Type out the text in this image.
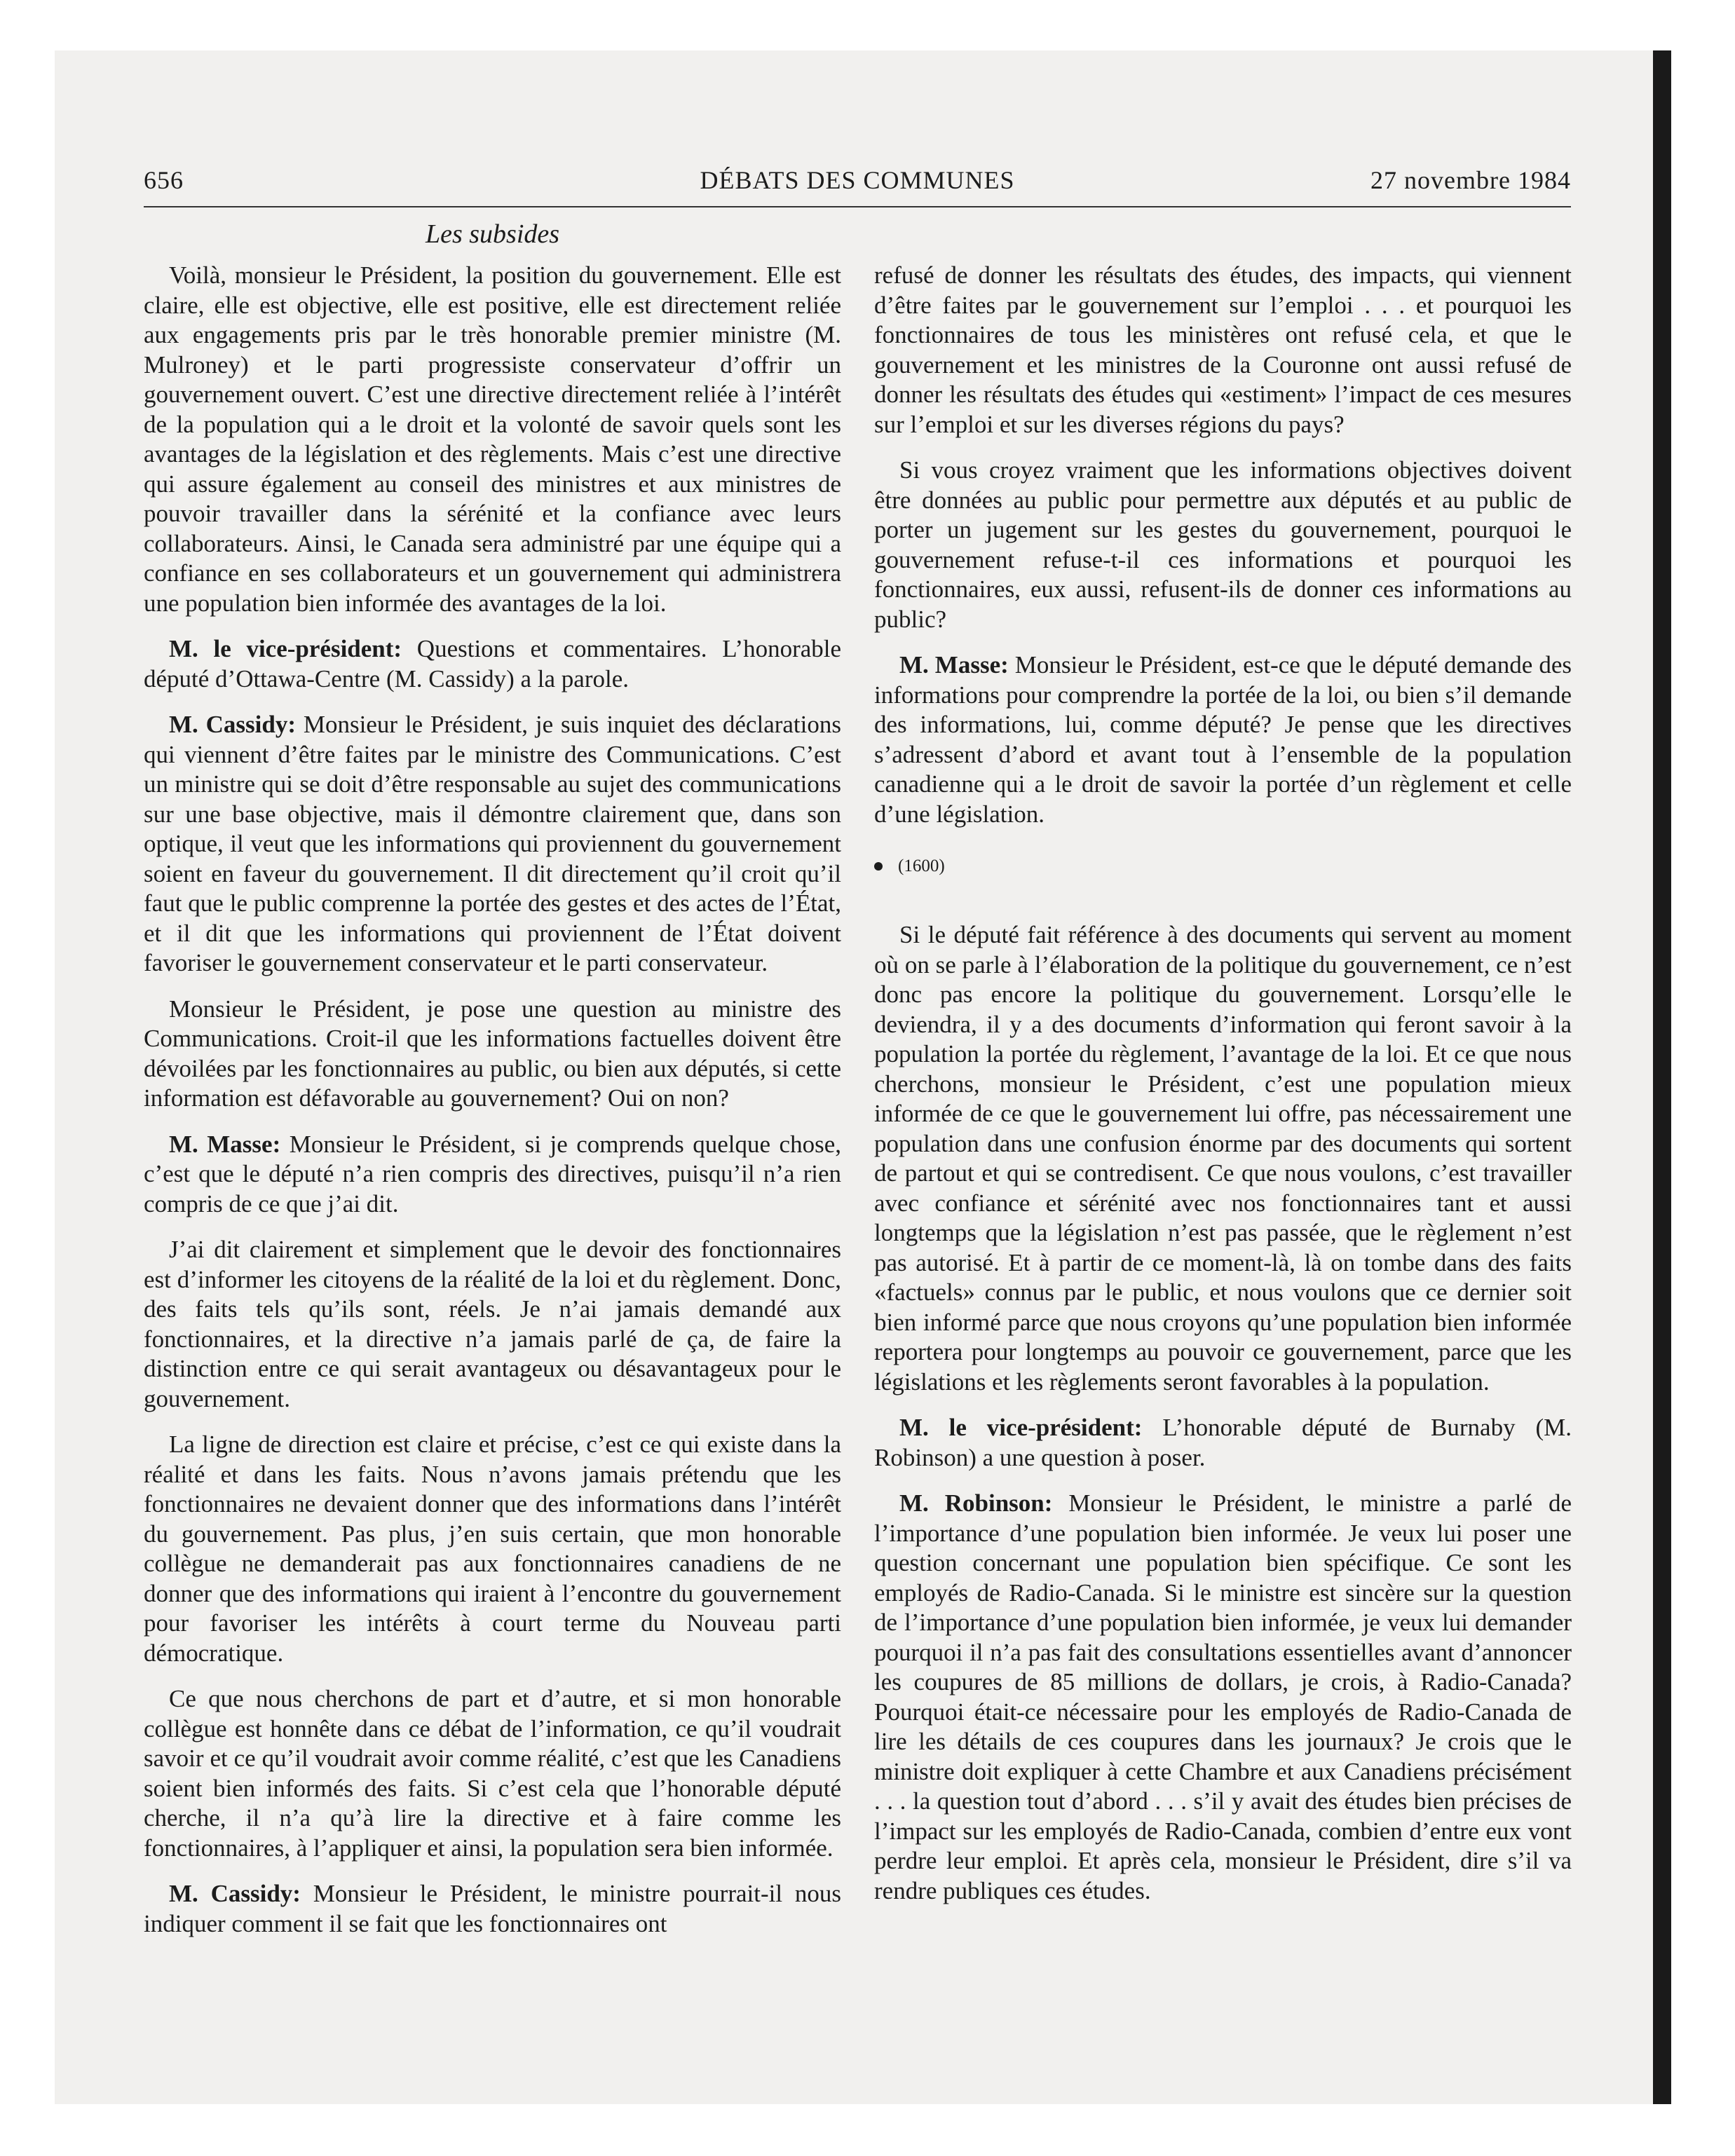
656	DÉBATS DES COMMUNES	27 novembre 1984
Les subsides

Voilà, monsieur le Président, la position du gouvernement. Elle est claire, elle est objective, elle est positive, elle est directement reliée aux engagements pris par le très honorable premier ministre (M. Mulroney) et le parti progressiste conservateur d’offrir un gouvernement ouvert. C’est une directive directement reliée à l’intérêt de la population qui a le droit et la volonté de savoir quels sont les avantages de la législation et des règlements. Mais c’est une directive qui assure également au conseil des ministres et aux ministres de pouvoir travailler dans la sérénité et la confiance avec leurs collaborateurs. Ainsi, le Canada sera administré par une équipe qui a confiance en ses collaborateurs et un gouvernement qui administrera une population bien informée des avantages de la loi.

M. le vice-président: Questions et commentaires. L’honorable député d’Ottawa-Centre (M. Cassidy) a la parole.

M. Cassidy: Monsieur le Président, je suis inquiet des déclarations qui viennent d’être faites par le ministre des Communications. C’est un ministre qui se doit d’être responsable au sujet des communications sur une base objective, mais il démontre clairement que, dans son optique, il veut que les informations qui proviennent du gouvernement soient en faveur du gouvernement. Il dit directement qu’il croit qu’il faut que le public comprenne la portée des gestes et des actes de l’État, et il dit que les informations qui proviennent de l’État doivent favoriser le gouvernement conservateur et le parti conservateur.

Monsieur le Président, je pose une question au ministre des Communications. Croit-il que les informations factuelles doivent être dévoilées par les fonctionnaires au public, ou bien aux députés, si cette information est défavorable au gouvernement? Oui on non?

M. Masse: Monsieur le Président, si je comprends quelque chose, c’est que le député n’a rien compris des directives, puisqu’il n’a rien compris de ce que j’ai dit.

J’ai dit clairement et simplement que le devoir des fonctionnaires est d’informer les citoyens de la réalité de la loi et du règlement. Donc, des faits tels qu’ils sont, réels. Je n’ai jamais demandé aux fonctionnaires, et la directive n’a jamais parlé de ça, de faire la distinction entre ce qui serait avantageux ou désavantageux pour le gouvernement.

La ligne de direction est claire et précise, c’est ce qui existe dans la réalité et dans les faits. Nous n’avons jamais prétendu que les fonctionnaires ne devaient donner que des informations dans l’intérêt du gouvernement. Pas plus, j’en suis certain, que mon honorable collègue ne demanderait pas aux fonctionnaires canadiens de ne donner que des informations qui iraient à l’encontre du gouvernement pour favoriser les intérêts à court terme du Nouveau parti démocratique.

Ce que nous cherchons de part et d’autre, et si mon honorable collègue est honnête dans ce débat de l’information, ce qu’il voudrait savoir et ce qu’il voudrait avoir comme réalité, c’est que les Canadiens soient bien informés des faits. Si c’est cela que l’honorable député cherche, il n’a qu’à lire la directive et à faire comme les fonctionnaires, à l’appliquer et ainsi, la population sera bien informée.

M. Cassidy: Monsieur le Président, le ministre pourrait-il nous indiquer comment il se fait que les fonctionnaires ont

refusé de donner les résultats des études, des impacts, qui viennent d’être faites par le gouvernement sur l’emploi . . . et pourquoi les fonctionnaires de tous les ministères ont refusé cela, et que le gouvernement et les ministres de la Couronne ont aussi refusé de donner les résultats des études qui «estiment» l’impact de ces mesures sur l’emploi et sur les diverses régions du pays?

Si vous croyez vraiment que les informations objectives doivent être données au public pour permettre aux députés et au public de porter un jugement sur les gestes du gouvernement, pourquoi le gouvernement refuse-t-il ces informations et pourquoi les fonctionnaires, eux aussi, refusent-ils de donner ces informations au public?

M. Masse: Monsieur le Président, est-ce que le député demande des informations pour comprendre la portée de la loi, ou bien s’il demande des informations, lui, comme député? Je pense que les directives s’adressent d’abord et avant tout à l’ensemble de la population canadienne qui a le droit de savoir la portée d’un règlement et celle d’une législation.

(1600)

Si le député fait référence à des documents qui servent au moment où on se parle à l’élaboration de la politique du gouvernement, ce n’est donc pas encore la politique du gouvernement. Lorsqu’elle le deviendra, il y a des documents d’information qui feront savoir à la population la portée du règlement, l’avantage de la loi. Et ce que nous cherchons, monsieur le Président, c’est une population mieux informée de ce que le gouvernement lui offre, pas nécessairement une population dans une confusion énorme par des documents qui sortent de partout et qui se contredisent. Ce que nous voulons, c’est travailler avec confiance et sérénité avec nos fonctionnaires tant et aussi longtemps que la législation n’est pas passée, que le règlement n’est pas autorisé. Et à partir de ce moment-là, là on tombe dans des faits «factuels» connus par le public, et nous voulons que ce dernier soit bien informé parce que nous croyons qu’une population bien informée reportera pour longtemps au pouvoir ce gouvernement, parce que les législations et les règlements seront favorables à la population.

M. le vice-président: L’honorable député de Burnaby (M. Robinson) a une question à poser.

M. Robinson: Monsieur le Président, le ministre a parlé de l’importance d’une population bien informée. Je veux lui poser une question concernant une population bien spécifique. Ce sont les employés de Radio-Canada. Si le ministre est sincère sur la question de l’importance d’une population bien informée, je veux lui demander pourquoi il n’a pas fait des consultations essentielles avant d’annoncer les coupures de 85 millions de dollars, je crois, à Radio-Canada? Pourquoi était-ce nécessaire pour les employés de Radio-Canada de lire les détails de ces coupures dans les journaux? Je crois que le ministre doit expliquer à cette Chambre et aux Canadiens précisément . . . la question tout d’abord . . . s’il y avait des études bien précises de l’impact sur les employés de Radio-Canada, combien d’entre eux vont perdre leur emploi. Et après cela, monsieur le Président, dire s’il va rendre publiques ces études.
